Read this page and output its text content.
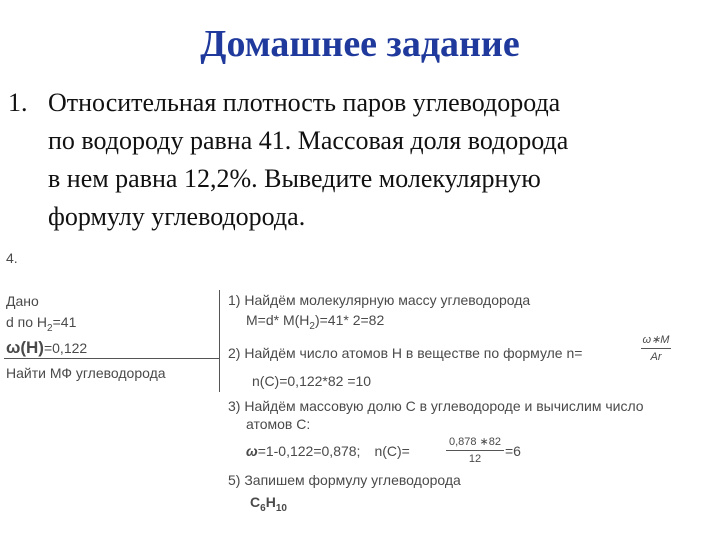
Домашнее задание
1. Относительная плотность паров углеводорода
по водороду равна 41. Массовая доля водорода
в нем равна 12,2%. Выведите молекулярную
формулу углеводорода.
4.
Дано
d по $H_2=41$
ω(Н)=0,122
Найти МФ углеводорода
1) Найдём молекулярную массу углеводорода
M=d* $M(H_2)=41*$ 2=82
2) Найдём число атомов Н в веществе по формуле n=
ω∗M
Ar
n(C)=0,122*82 =10
3) Найдём массовую долю С в углеводороде и вычислим число
атомов С:
ω=1-0,122=0,878; n(C)=
0,878 ∗82
12 =6
5) Запишем формулу углеводорода
$C_6H_{10}$
